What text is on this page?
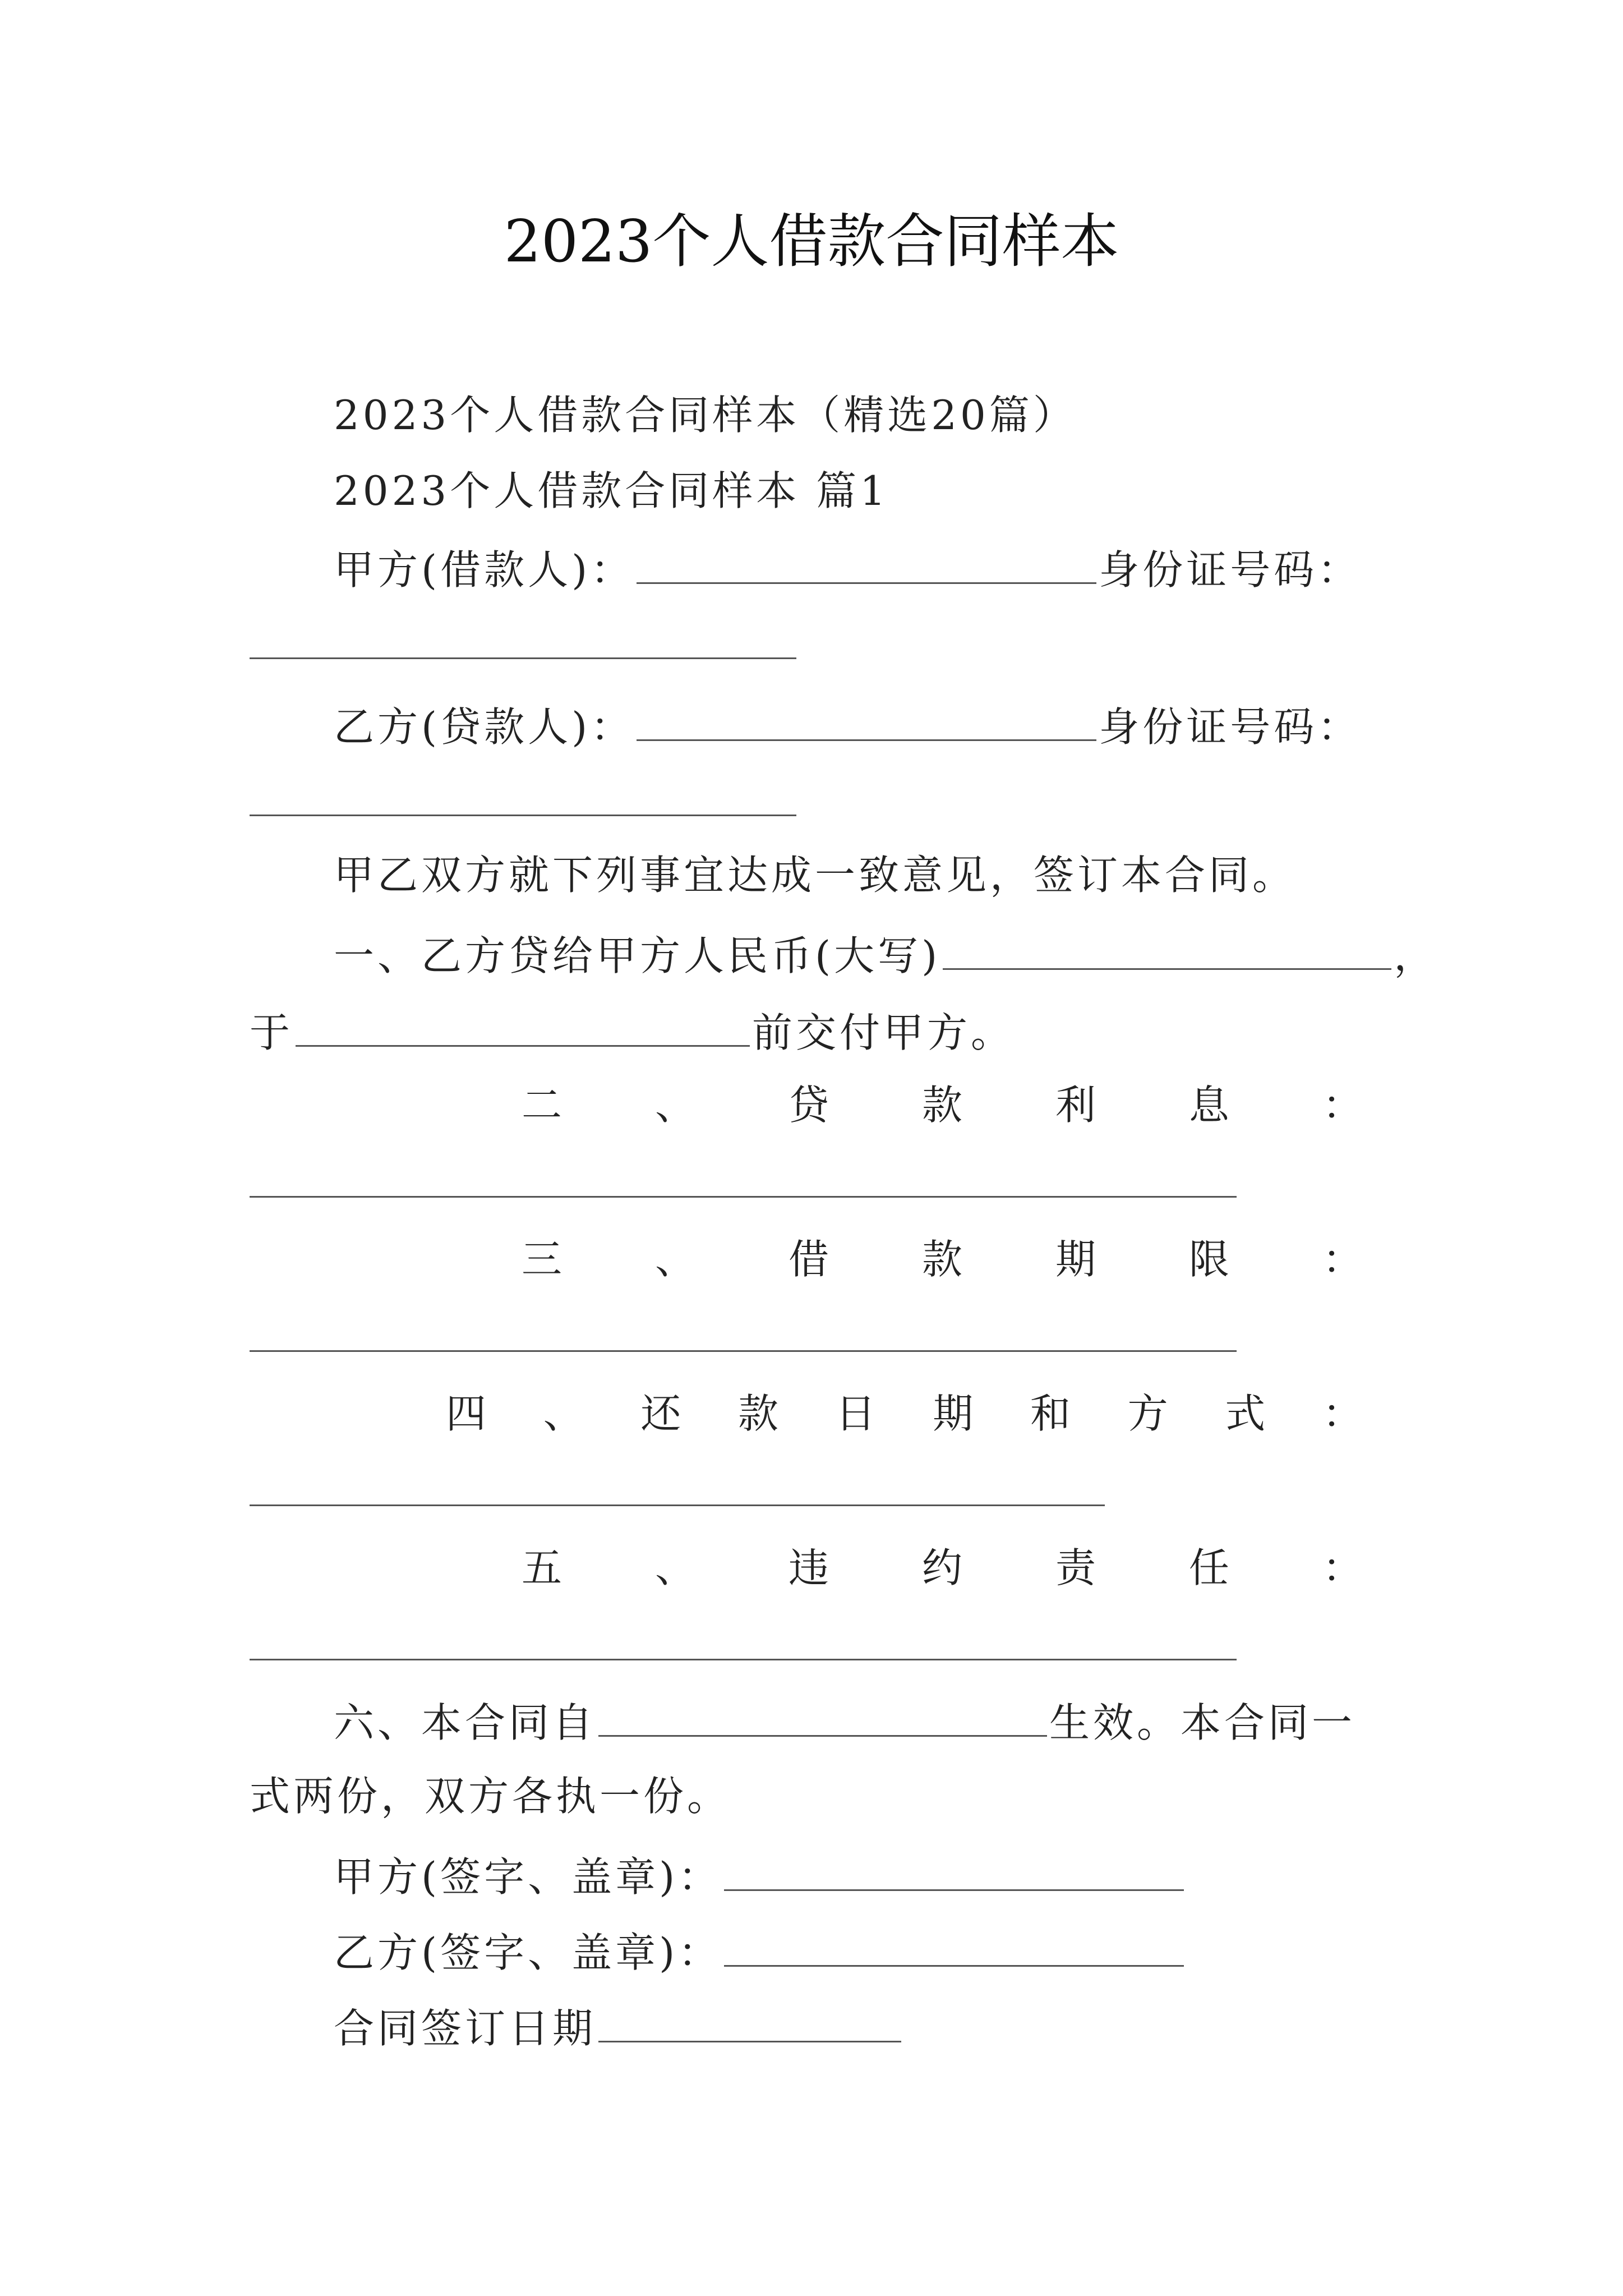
2023个人借款合同样本
2023个人借款合同样本（精选20篇）
2023个人借款合同样本 篇1
甲方(借款人)：	身份证号码：
乙方(贷款人)：	身份证号码：
甲乙双方就下列事宜达成一致意见，签订本合同。
一、乙方贷给甲方人民币(大写)	，
于	前交付甲方。
二 、 贷 款 利 息 ：
三 、 借 款 期 限 ：
四 、 还 款 日 期 和 方 式 ：
五 、 违 约 责 任 ：
六、本合同自	生效。本合同一
式两份，双方各执一份。
甲方(签字、盖章)：
乙方(签字、盖章)：
合同签订日期
